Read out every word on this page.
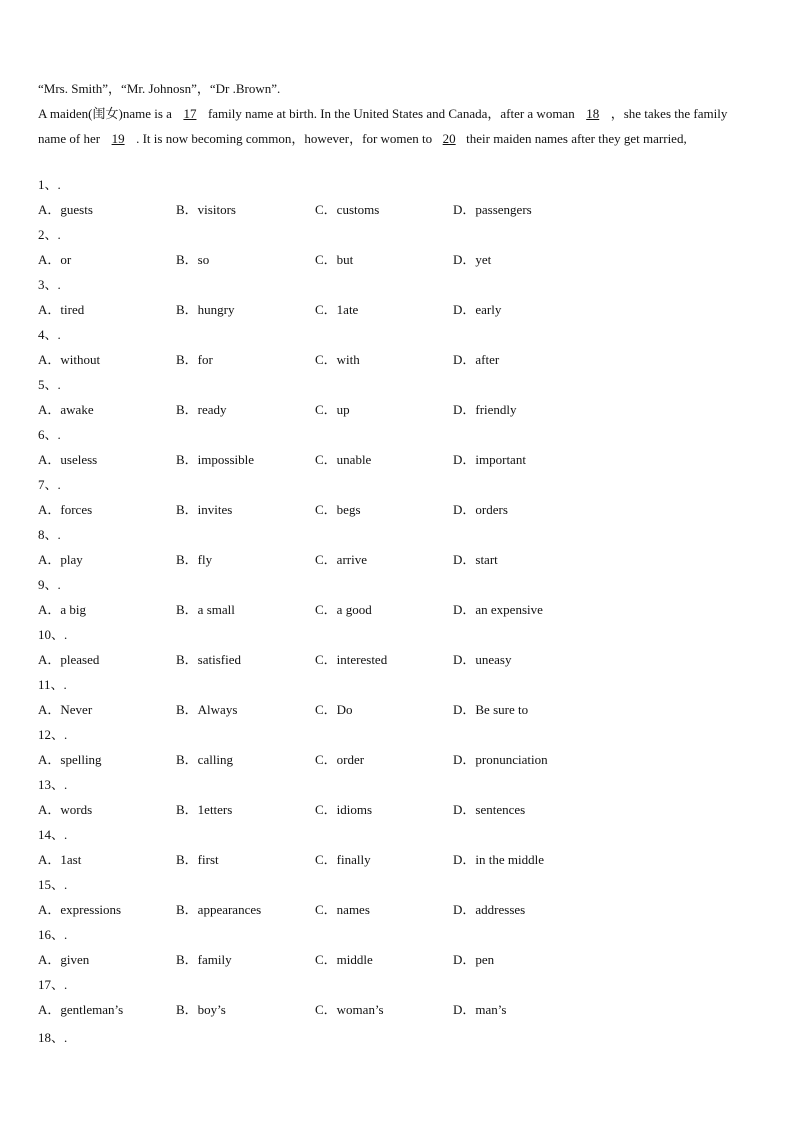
“Mrs. Smith”，“Mr. Johnosn”，“Dr .Brown”.

A maiden(闺女)name is a 17 family name at birth. In the United States and Canada，after a woman 18 ，she takes the family name of her 19 . It is now becoming common，however，for women to 20 their maiden names after they get married,

1、.
A．guests	B．visitors	C．customs	D．passengers
2、.
A．or	B．so	C．but	D．yet
3、.
A．tired	B．hungry	C．1ate	D．early
4、.
A．without	B．for	C．with	D．after
5、.
A．awake	B．ready	C．up	D．friendly
6、.
A．useless	B．impossible	C．unable	D．important
7、.
A．forces	B．invites	C．begs	D．orders
8、.
A．play	B．fly	C．arrive	D．start
9、.
A．a big	B．a small	C．a good	D．an expensive
10、.
A．pleased	B．satisfied	C．interested	D．uneasy
11、.
A．Never	B．Always	C．Do	D．Be sure to
12、.
A．spelling	B．calling	C．order	D．pronunciation
13、.
A．words	B．1etters	C．idioms	D．sentences
14、.
A．1ast	B．first	C．finally	D．in the middle
15、.
A．expressions	B．appearances	C．names	D．addresses
16、.
A．given	B．family	C．middle	D．pen
17、.
A．gentleman’s	B．boy’s	C．woman’s	D．man’s
18、.
